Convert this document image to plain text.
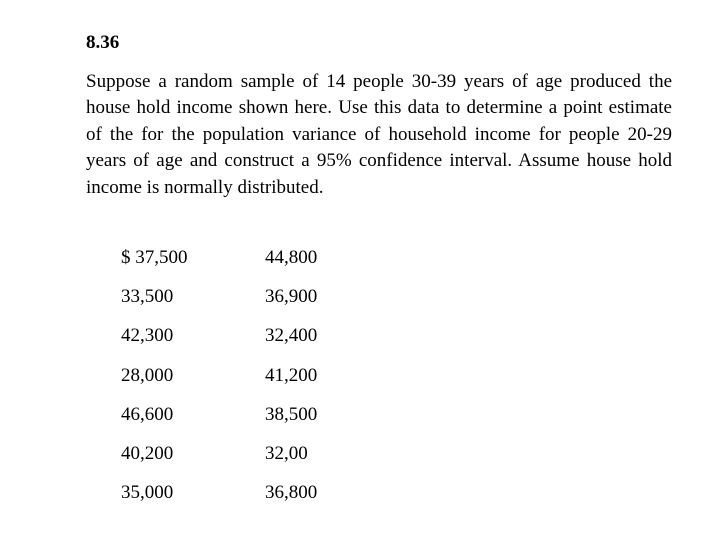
8.36

Suppose a random sample of 14 people 30-39 years of age produced the house hold income shown here. Use this data to determine a point estimate of the for the population variance of household income for people 20-29 years of age and construct a 95% confidence interval. Assume house hold income is normally distributed.

$ 37,500	44,800
33,500	36,900
42,300	32,400
28,000	41,200
46,600	38,500
40,200	32,00
35,000	36,800
